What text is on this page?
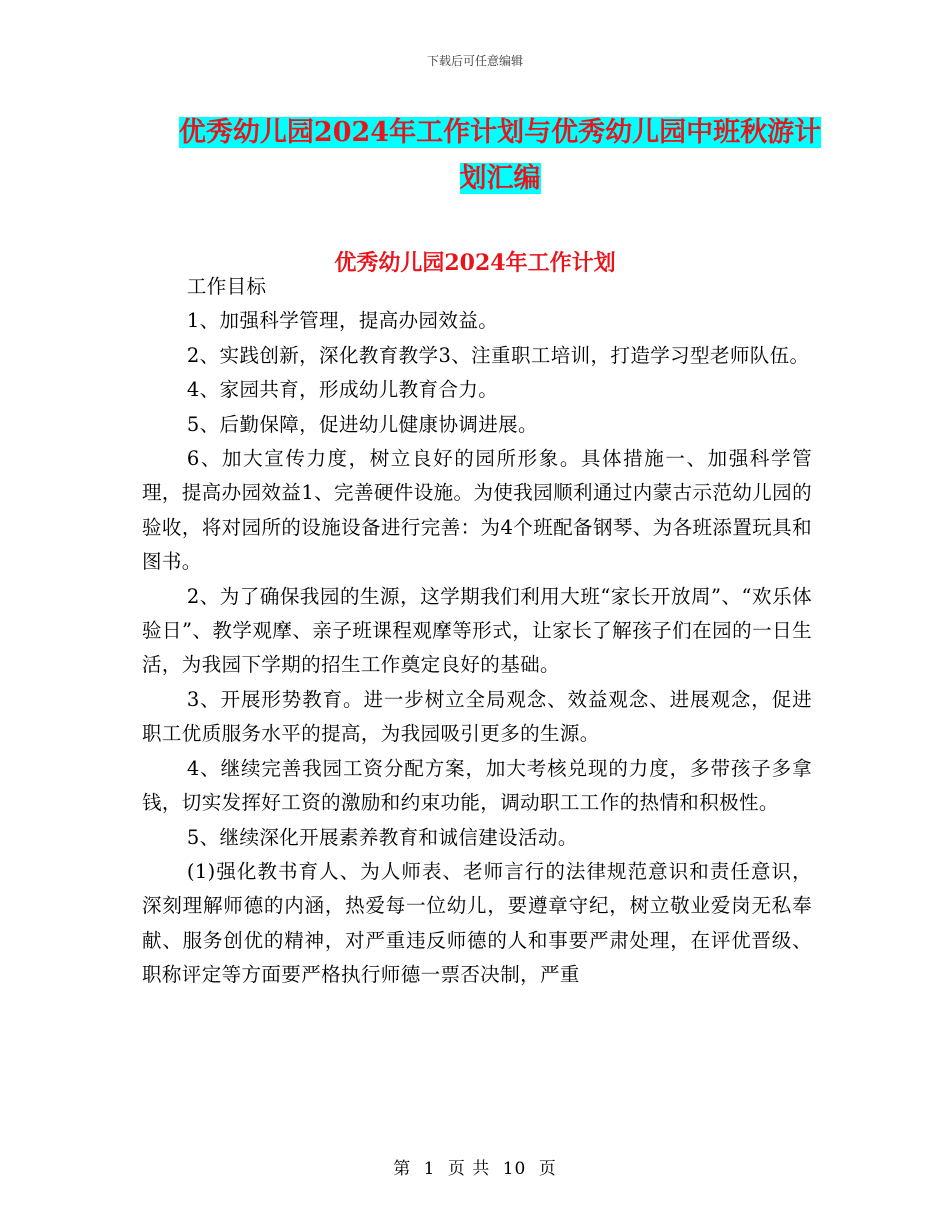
下载后可任意编辑
优秀幼儿园2024年工作计划与优秀幼儿园中班秋游计
划汇编
优秀幼儿园2024年工作计划

工作目标

1、加强科学管理，提高办园效益。

2、实践创新，深化教育教学3、注重职工培训，打造学习型老师队伍。

4、家园共育，形成幼儿教育合力。

5、后勤保障，促进幼儿健康协调进展。

6、加大宣传力度，树立良好的园所形象。具体措施一、加强科学管理，提高办园效益1、完善硬件设施。为使我园顺利通过内蒙古示范幼儿园的验收，将对园所的设施设备进行完善：为4个班配备钢琴、为各班添置玩具和图书。

2、为了确保我园的生源，这学期我们利用大班“家长开放周”、“欢乐体验日”、教学观摩、亲子班课程观摩等形式，让家长了解孩子们在园的一日生活，为我园下学期的招生工作奠定良好的基础。

3、开展形势教育。进一步树立全局观念、效益观念、进展观念，促进职工优质服务水平的提高，为我园吸引更多的生源。

4、继续完善我园工资分配方案，加大考核兑现的力度，多带孩子多拿钱，切实发挥好工资的激励和约束功能，调动职工工作的热情和积极性。

5、继续深化开展素养教育和诚信建设活动。

(1)强化教书育人、为人师表、老师言行的法律规范意识和责任意识，深刻理解师德的内涵，热爱每一位幼儿，要遵章守纪，树立敬业爱岗无私奉献、服务创优的精神，对严重违反师德的人和事要严肃处理，在评优晋级、职称评定等方面要严格执行师德一票否决制，严重

第 1 页 共 10 页
